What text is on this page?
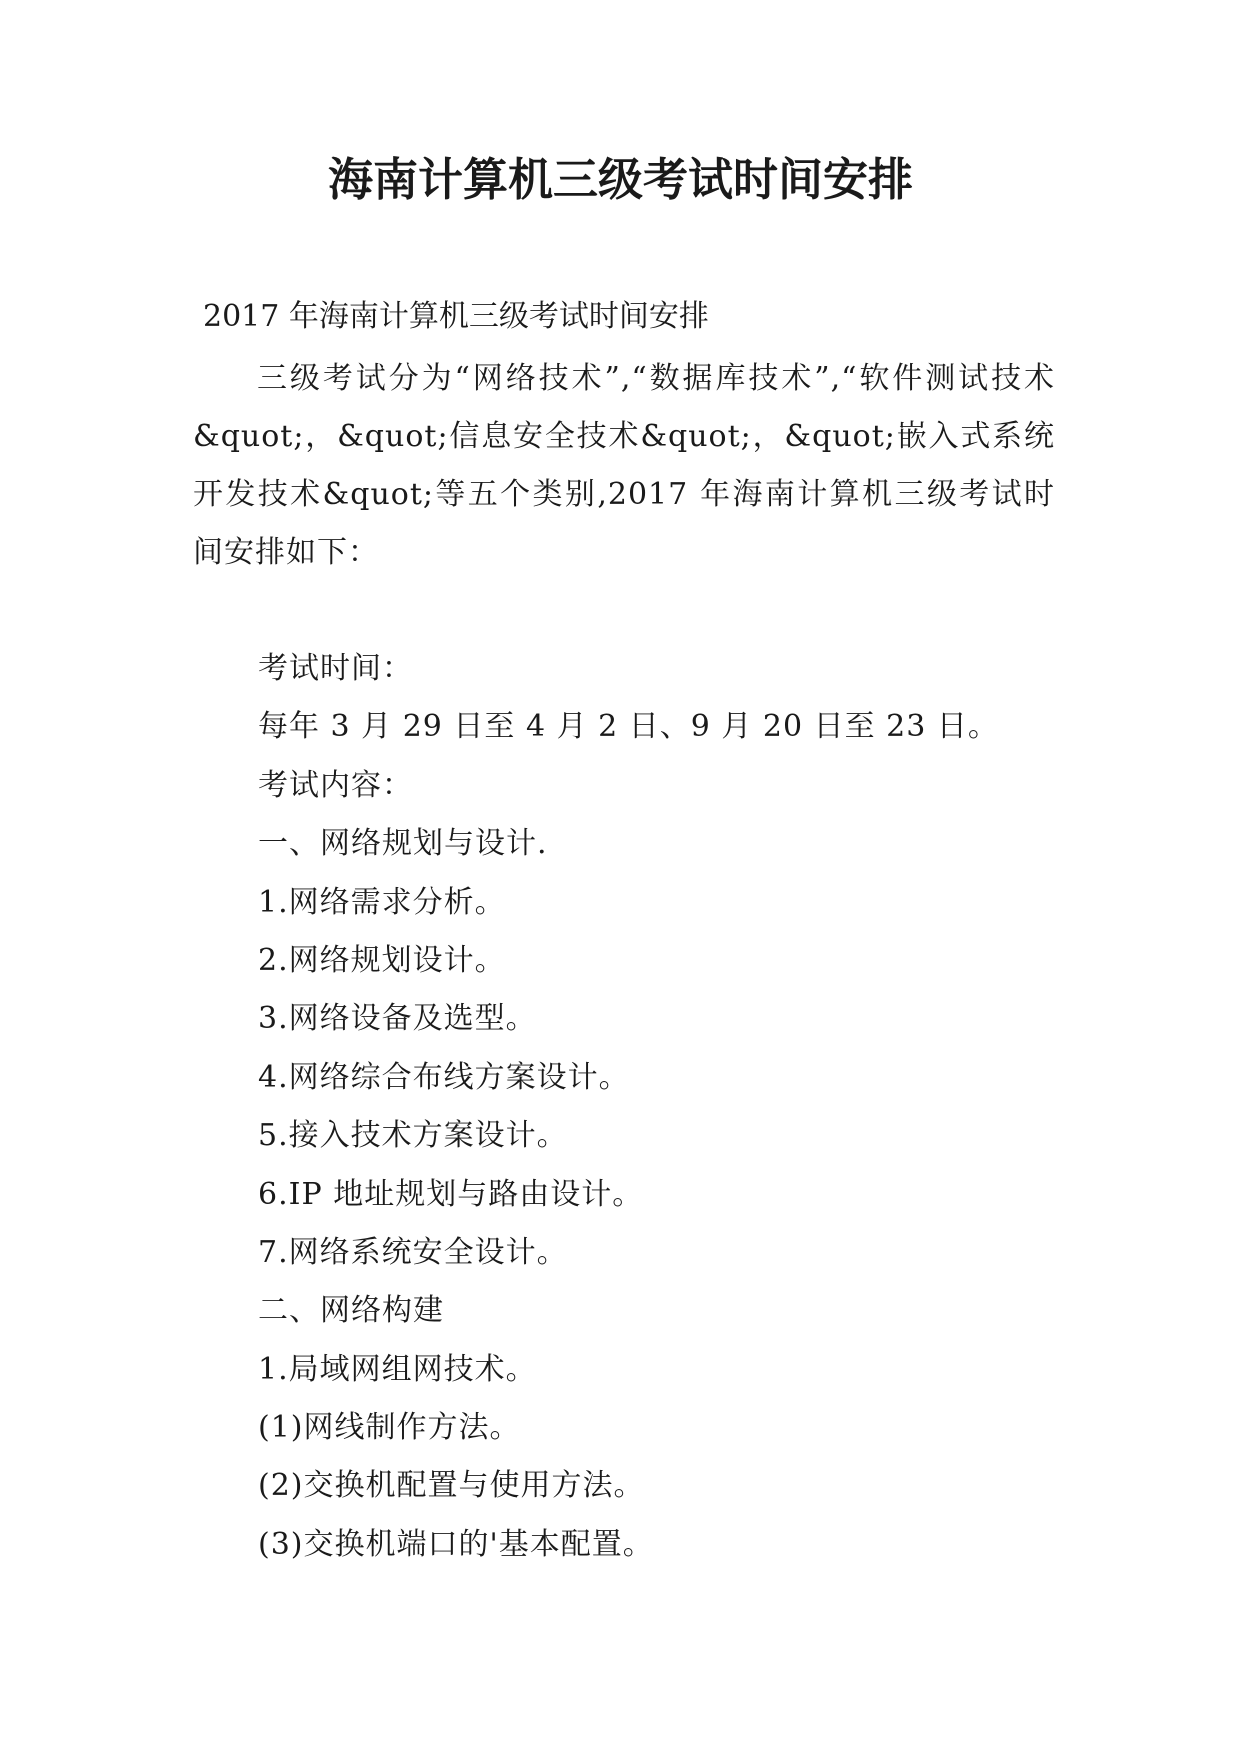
海南计算机三级考试时间安排

2017 年海南计算机三级考试时间安排

三级考试分为“网络技术”,“数据库技术”,“软件测试技术&quot;，&quot;信息安全技术&quot;，&quot;嵌入式系统开发技术&quot;等五个类别,2017 年海南计算机三级考试时间安排如下：

考试时间：
每年 3 月 29 日至 4 月 2 日、9 月 20 日至 23 日。
考试内容：
一、网络规划与设计.
1.网络需求分析。
2.网络规划设计。
3.网络设备及选型。
4.网络综合布线方案设计。
5.接入技术方案设计。
6.IP 地址规划与路由设计。
7.网络系统安全设计。
二、网络构建
1.局域网组网技术。
(1)网线制作方法。
(2)交换机配置与使用方法。
(3)交换机端口的'基本配置。
